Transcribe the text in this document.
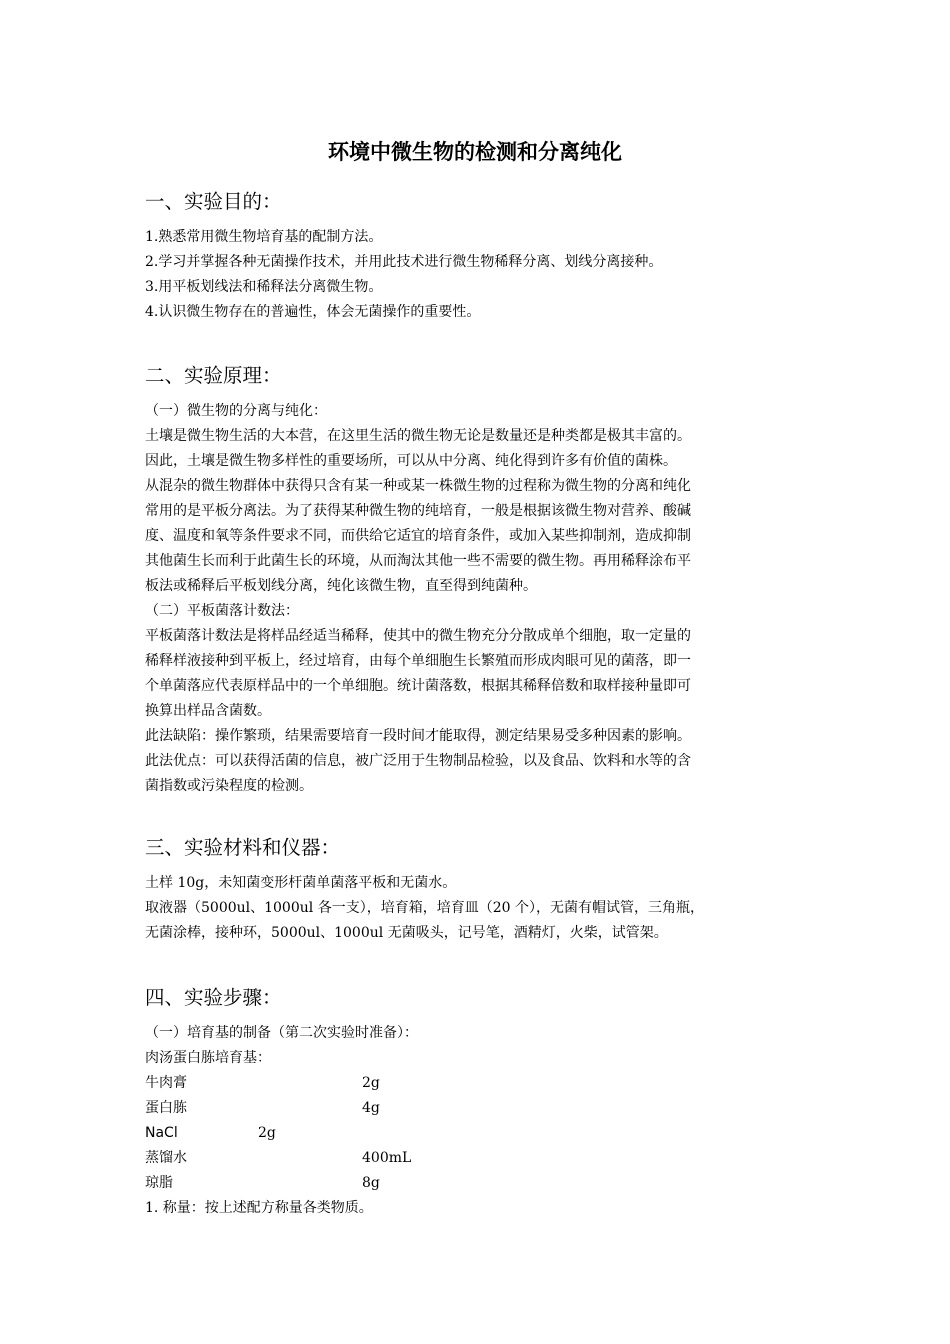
环境中微生物的检测和分离纯化
一、实验目的：
1.熟悉常用微生物培育基的配制方法。
2.学习并掌握各种无菌操作技术，并用此技术进行微生物稀释分离、划线分离接种。
3.用平板划线法和稀释法分离微生物。
4.认识微生物存在的普遍性，体会无菌操作的重要性。
二、实验原理：
（一）微生物的分离与纯化：
土壤是微生物生活的大本营，在这里生活的微生物无论是数量还是种类都是极其丰富的。
因此，土壤是微生物多样性的重要场所，可以从中分离、纯化得到许多有价值的菌株。
从混杂的微生物群体中获得只含有某一种或某一株微生物的过程称为微生物的分离和纯化
常用的是平板分离法。为了获得某种微生物的纯培育，一般是根据该微生物对营养、酸碱
度、温度和氧等条件要求不同，而供给它适宜的培育条件，或加入某些抑制剂，造成抑制
其他菌生长而利于此菌生长的环境，从而淘汰其他一些不需要的微生物。再用稀释涂布平
板法或稀释后平板划线分离，纯化该微生物，直至得到纯菌种。
（二）平板菌落计数法：
平板菌落计数法是将样品经适当稀释，使其中的微生物充分分散成单个细胞，取一定量的
稀释样液接种到平板上，经过培育，由每个单细胞生长繁殖而形成肉眼可见的菌落，即一
个单菌落应代表原样品中的一个单细胞。统计菌落数，根据其稀释倍数和取样接种量即可
换算出样品含菌数。
此法缺陷：操作繁琐，结果需要培育一段时间才能取得，测定结果易受多种因素的影响。
此法优点：可以获得活菌的信息，被广泛用于生物制品检验，以及食品、饮料和水等的含
菌指数或污染程度的检测。
三、实验材料和仪器：
土样 10g，未知菌变形杆菌单菌落平板和无菌水。
取液器（5000ul、1000ul 各一支），培育箱，培育皿（20 个），无菌有帽试管，三角瓶，
无菌涂棒，接种环，5000ul、1000ul 无菌吸头，记号笔，酒精灯，火柴，试管架。
四、实验步骤：
（一）培育基的制备（第二次实验时准备）：
肉汤蛋白胨培育基：
牛肉膏	2g
蛋白胨	4g
NaCl	2g
蒸馏水	400mL
琼脂	8g
1. 称量：按上述配方称量各类物质。
